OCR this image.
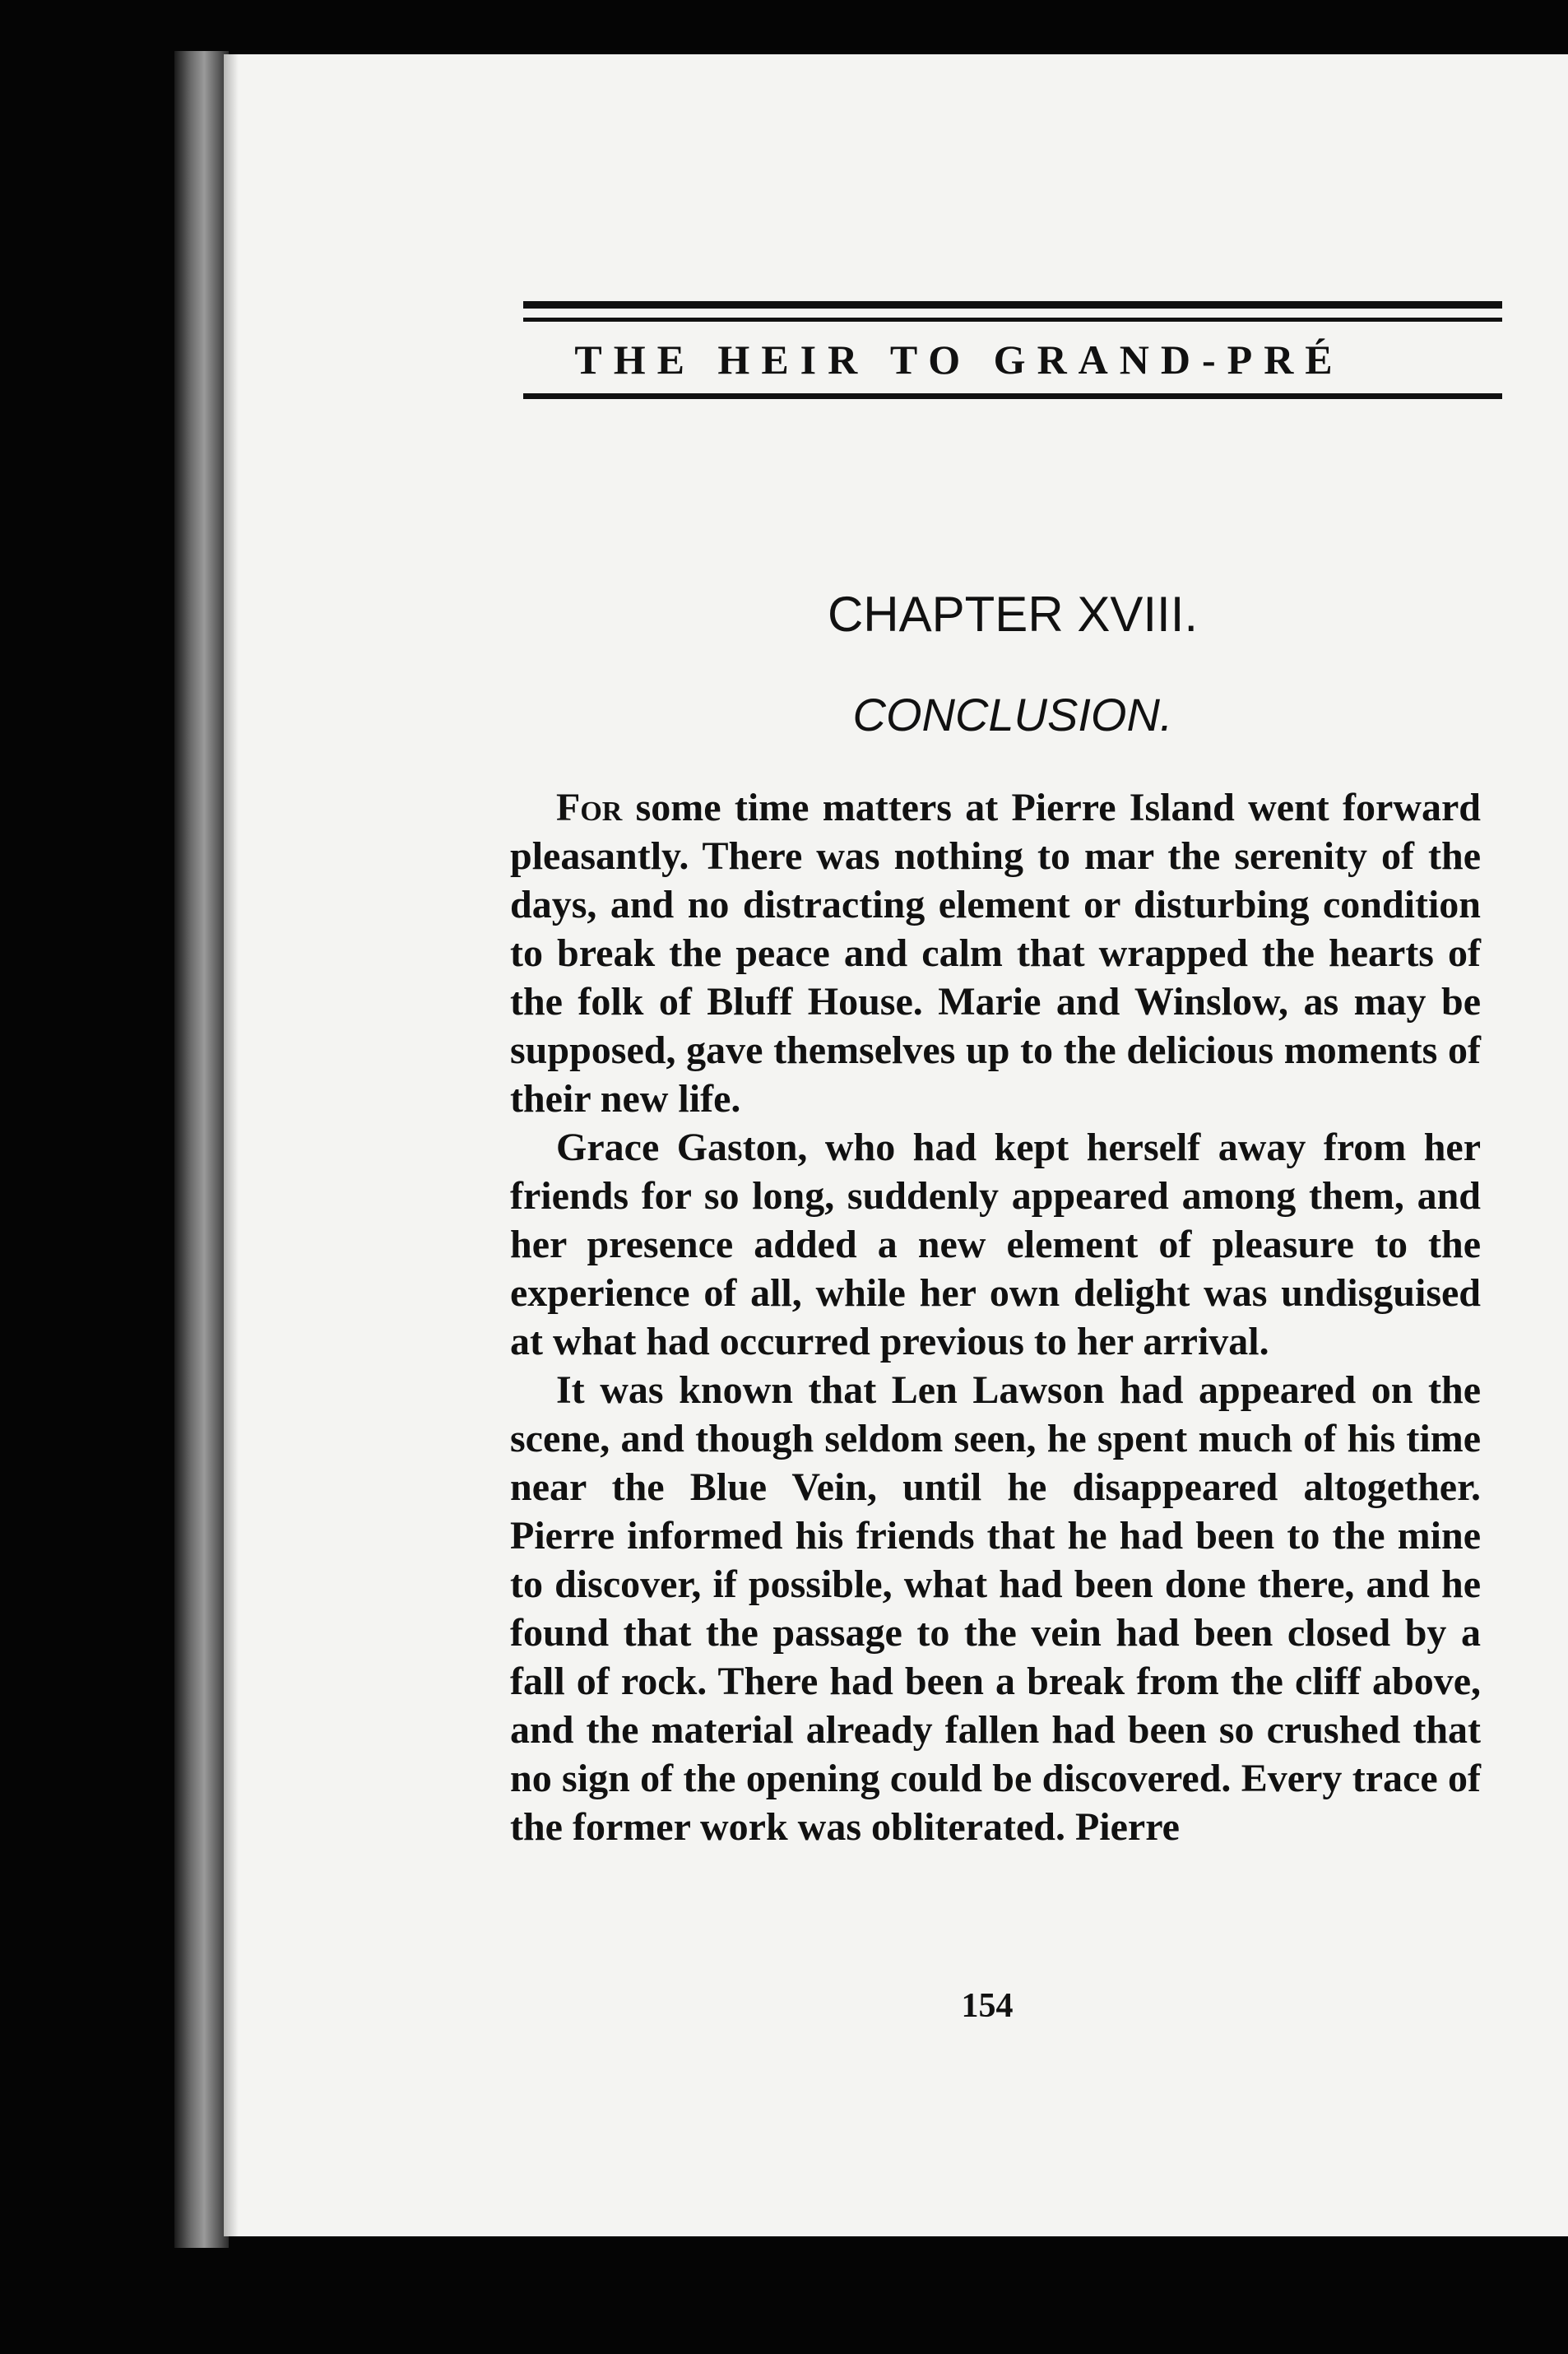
THE HEIR TO GRAND-PRÉ
CHAPTER XVIII.
CONCLUSION.

For some time matters at Pierre Island went forward pleasantly. There was nothing to mar the serenity of the days, and no distracting element or disturbing condition to break the peace and calm that wrapped the hearts of the folk of Bluff House. Marie and Winslow, as may be supposed, gave themselves up to the delicious moments of their new life.

Grace Gaston, who had kept herself away from her friends for so long, suddenly appeared among them, and her presence added a new element of pleasure to the experience of all, while her own delight was undisguised at what had occurred previous to her arrival.

It was known that Len Lawson had appeared on the scene, and though seldom seen, he spent much of his time near the Blue Vein, until he disappeared altogether. Pierre informed his friends that he had been to the mine to discover, if possible, what had been done there, and he found that the passage to the vein had been closed by a fall of rock. There had been a break from the cliff above, and the material already fallen had been so crushed that no sign of the opening could be discovered. Every trace of the former work was obliterated. Pierre

154
